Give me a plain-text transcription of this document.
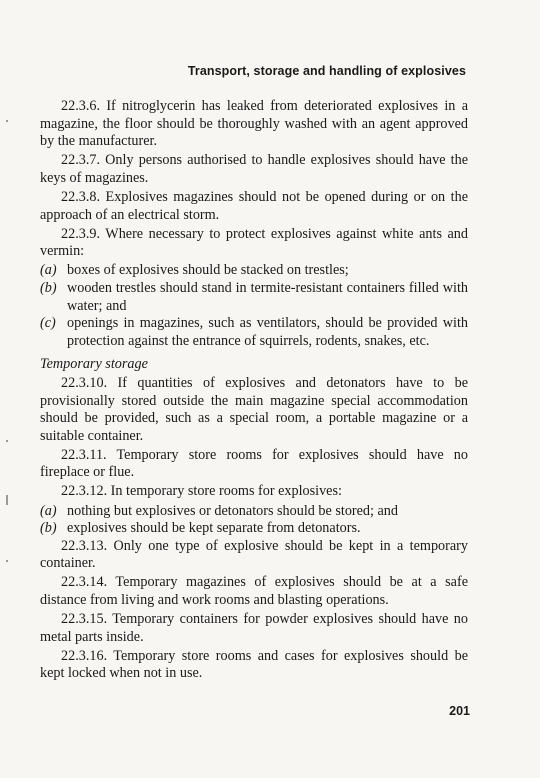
Transport, storage and handling of explosives

22.3.6. If nitroglycerin has leaked from deteriorated explosives in a magazine, the floor should be thoroughly washed with an agent approved by the manufacturer.

22.3.7. Only persons authorised to handle explosives should have the keys of magazines.

22.3.8. Explosives magazines should not be opened during or on the approach of an electrical storm.

22.3.9. Where necessary to protect explosives against white ants and vermin:

(a) boxes of explosives should be stacked on trestles;
(b) wooden trestles should stand in termite-resistant containers filled with water; and
(c) openings in magazines, such as ventilators, should be provided with protection against the entrance of squirrels, rodents, snakes, etc.
Temporary storage

22.3.10. If quantities of explosives and detonators have to be provisionally stored outside the main magazine special accommodation should be provided, such as a special room, a portable magazine or a suitable container.

22.3.11. Temporary store rooms for explosives should have no fireplace or flue.

22.3.12. In temporary store rooms for explosives:

(a) nothing but explosives or detonators should be stored; and
(b) explosives should be kept separate from detonators.

22.3.13. Only one type of explosive should be kept in a temporary container.

22.3.14. Temporary magazines of explosives should be at a safe distance from living and work rooms and blasting operations.

22.3.15. Temporary containers for powder explosives should have no metal parts inside.

22.3.16. Temporary store rooms and cases for explosives should be kept locked when not in use.

201
